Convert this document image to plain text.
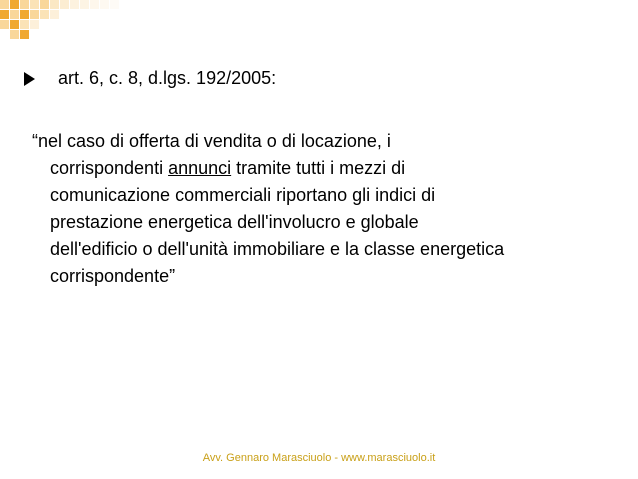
art. 6, c. 8, d.lgs. 192/2005:
“nel caso di offerta di vendita o di locazione, i
corrispondenti annunci tramite tutti i mezzi di
comunicazione commerciali riportano gli indici di
prestazione energetica dell'involucro e globale
dell'edificio o dell'unità immobiliare e la classe energetica
corrispondente”
Avv. Gennaro Marasciuolo - www.marasciuolo.it
